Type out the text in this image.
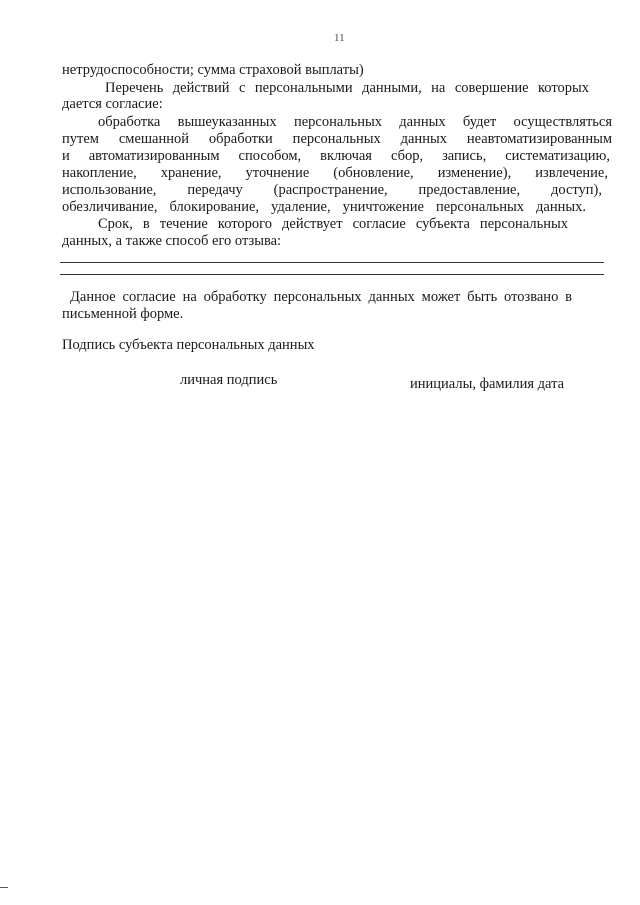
11
нетрудоспособности; сумма страховой выплаты)
Перечень действий с персональными данными, на совершение которых
дается согласие:
обработка вышеуказанных персональных данных будет осуществляться
путем смешанной обработки персональных данных неавтоматизированным
и автоматизированным способом, включая сбор, запись, систематизацию,
накопление, хранение, уточнение (обновление, изменение), извлечение,
использование, передачу (распространение, предоставление, доступ),
обезличивание, блокирование, удаление, уничтожение персональных данных.
Срок, в течение которого действует согласие субъекта персональных
данных, а также способ его отзыва:
Данное согласие на обработку персональных данных может быть отозвано в
письменной форме.
Подпись субъекта персональных данных
личная подпись	инициалы, фамилия дата
